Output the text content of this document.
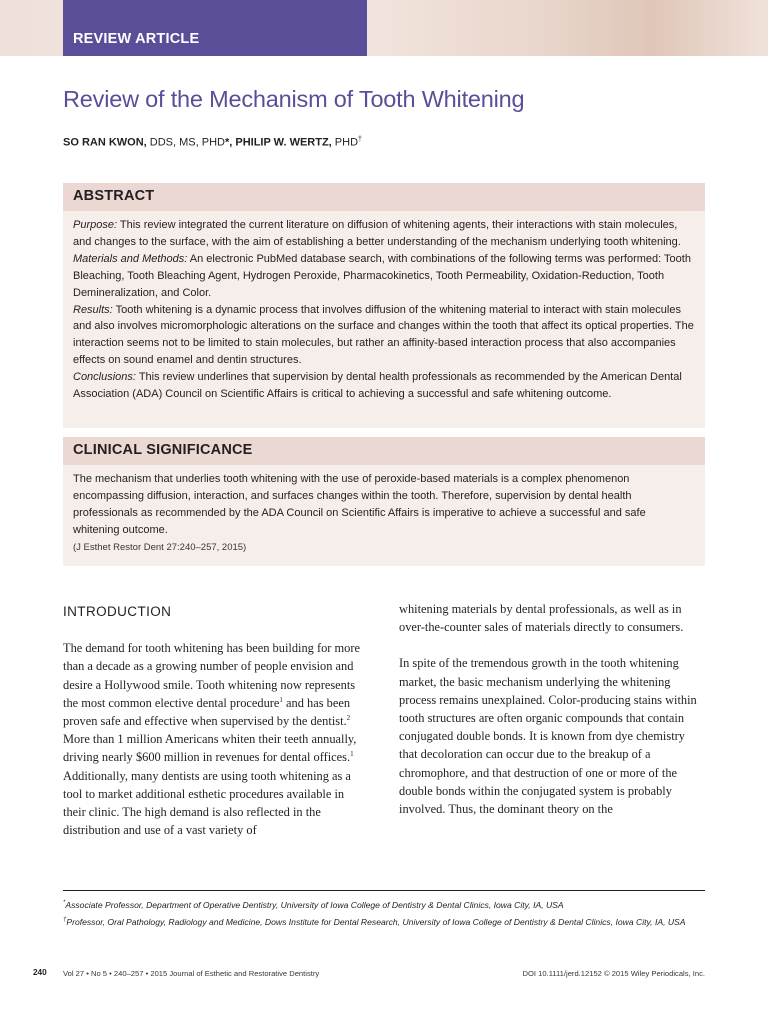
REVIEW ARTICLE
Review of the Mechanism of Tooth Whitening
SO RAN KWON, DDS, MS, PHD*, PHILIP W. WERTZ, PHD†
ABSTRACT

Purpose: This review integrated the current literature on diffusion of whitening agents, their interactions with stain molecules, and changes to the surface, with the aim of establishing a better understanding of the mechanism underlying tooth whitening.

Materials and Methods: An electronic PubMed database search, with combinations of the following terms was performed: Tooth Bleaching, Tooth Bleaching Agent, Hydrogen Peroxide, Pharmacokinetics, Tooth Permeability, Oxidation-Reduction, Tooth Demineralization, and Color.

Results: Tooth whitening is a dynamic process that involves diffusion of the whitening material to interact with stain molecules and also involves micromorphologic alterations on the surface and changes within the tooth that affect its optical properties. The interaction seems not to be limited to stain molecules, but rather an affinity-based interaction process that also accompanies effects on sound enamel and dentin structures.

Conclusions: This review underlines that supervision by dental health professionals as recommended by the American Dental Association (ADA) Council on Scientific Affairs is critical to achieving a successful and safe whitening outcome.

CLINICAL SIGNIFICANCE

The mechanism that underlies tooth whitening with the use of peroxide-based materials is a complex phenomenon encompassing diffusion, interaction, and surfaces changes within the tooth. Therefore, supervision by dental health professionals as recommended by the ADA Council on Scientific Affairs is imperative to achieve a successful and safe whitening outcome.

(J Esthet Restor Dent 27:240–257, 2015)

INTRODUCTION

The demand for tooth whitening has been building for more than a decade as a growing number of people envision and desire a Hollywood smile. Tooth whitening now represents the most common elective dental procedure$^1$ and has been proven safe and effective when supervised by the dentist.$^2$ More than 1 million Americans whiten their teeth annually, driving nearly $600 million in revenues for dental offices.$^1$ Additionally, many dentists are using tooth whitening as a tool to market additional esthetic procedures available in their clinic. The high demand is also reflected in the distribution and use of a vast variety of

whitening materials by dental professionals, as well as in over-the-counter sales of materials directly to consumers.

In spite of the tremendous growth in the tooth whitening market, the basic mechanism underlying the whitening process remains unexplained. Color-producing stains within tooth structures are often organic compounds that contain conjugated double bonds. It is known from dye chemistry that decoloration can occur due to the breakup of a chromophore, and that destruction of one or more of the double bonds within the conjugated system is probably involved. Thus, the dominant theory on the

*Associate Professor, Department of Operative Dentistry, University of Iowa College of Dentistry & Dental Clinics, Iowa City, IA, USA

†Professor, Oral Pathology, Radiology and Medicine, Dows Institute for Dental Research, University of Iowa College of Dentistry & Dental Clinics, Iowa City, IA, USA

240 Vol 27 • No 5 • 240–257 • 2015 Journal of Esthetic and Restorative Dentistry	DOI 10.1111/jerd.12152 © 2015 Wiley Periodicals, Inc.
